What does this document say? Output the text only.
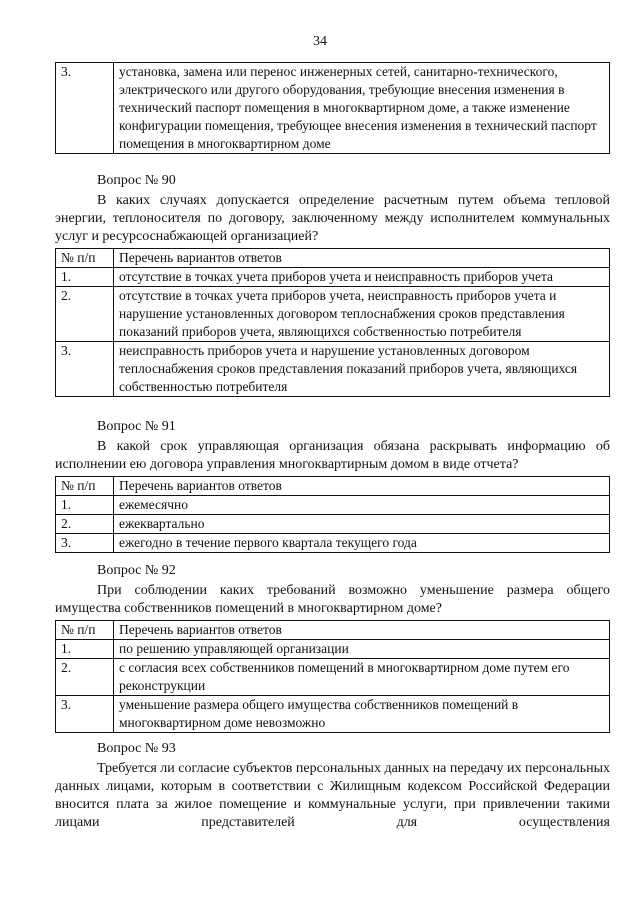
34
3.	установка, замена или перенос инженерных сетей, санитарно-технического, электрического или другого оборудования, требующие внесения изменения в технический паспорт помещения в многоквартирном доме, а также изменение конфигурации помещения, требующее внесения изменения в технический паспорт помещения в многоквартирном доме
Вопрос № 90
В каких случаях допускается определение расчетным путем объема тепловой энергии, теплоносителя по договору, заключенному между исполнителем коммунальных услуг и ресурсоснабжающей организацией?
№ п/п	Перечень вариантов ответов
1.	отсутствие в точках учета приборов учета и неисправность приборов учета
2.	отсутствие в точках учета приборов учета, неисправность приборов учета и нарушение установленных договором теплоснабжения сроков представления показаний приборов учета, являющихся собственностью потребителя
3.	неисправность приборов учета и нарушение установленных договором теплоснабжения сроков представления показаний приборов учета, являющихся собственностью потребителя
Вопрос № 91
В какой срок управляющая организация обязана раскрывать информацию об исполнении ею договора управления многоквартирным домом в виде отчета?
№ п/п	Перечень вариантов ответов
1.	ежемесячно
2.	ежеквартально
3.	ежегодно в течение первого квартала текущего года
Вопрос № 92
При соблюдении каких требований возможно уменьшение размера общего имущества собственников помещений в многоквартирном доме?
№ п/п	Перечень вариантов ответов
1.	по решению управляющей организации
2.	с согласия всех собственников помещений в многоквартирном доме путем его реконструкции
3.	уменьшение размера общего имущества собственников помещений в многоквартирном доме невозможно
Вопрос № 93
Требуется ли согласие субъектов персональных данных на передачу их персональных данных лицами, которым в соответствии с Жилищным кодексом Российской Федерации вносится плата за жилое помещение и коммунальные услуги, при привлечении такими лицами представителей для осуществления
